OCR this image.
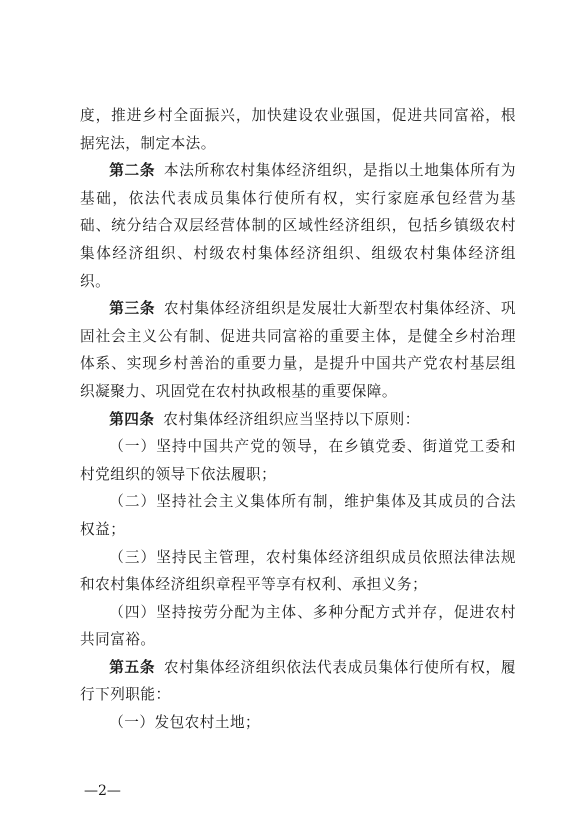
度，推进乡村全面振兴，加快建设农业强国，促进共同富裕，根据宪法，制定本法。

第二条 本法所称农村集体经济组织，是指以土地集体所有为基础，依法代表成员集体行使所有权，实行家庭承包经营为基础、统分结合双层经营体制的区域性经济组织，包括乡镇级农村集体经济组织、村级农村集体经济组织、组级农村集体经济组织。

第三条 农村集体经济组织是发展壮大新型农村集体经济、巩固社会主义公有制、促进共同富裕的重要主体，是健全乡村治理体系、实现乡村善治的重要力量，是提升中国共产党农村基层组织凝聚力、巩固党在农村执政根基的重要保障。

第四条 农村集体经济组织应当坚持以下原则：

（一）坚持中国共产党的领导，在乡镇党委、街道党工委和村党组织的领导下依法履职；

（二）坚持社会主义集体所有制，维护集体及其成员的合法权益；

（三）坚持民主管理，农村集体经济组织成员依照法律法规和农村集体经济组织章程平等享有权利、承担义务；

（四）坚持按劳分配为主体、多种分配方式并存，促进农村共同富裕。

第五条 农村集体经济组织依法代表成员集体行使所有权，履行下列职能：

（一）发包农村土地；

—2—
